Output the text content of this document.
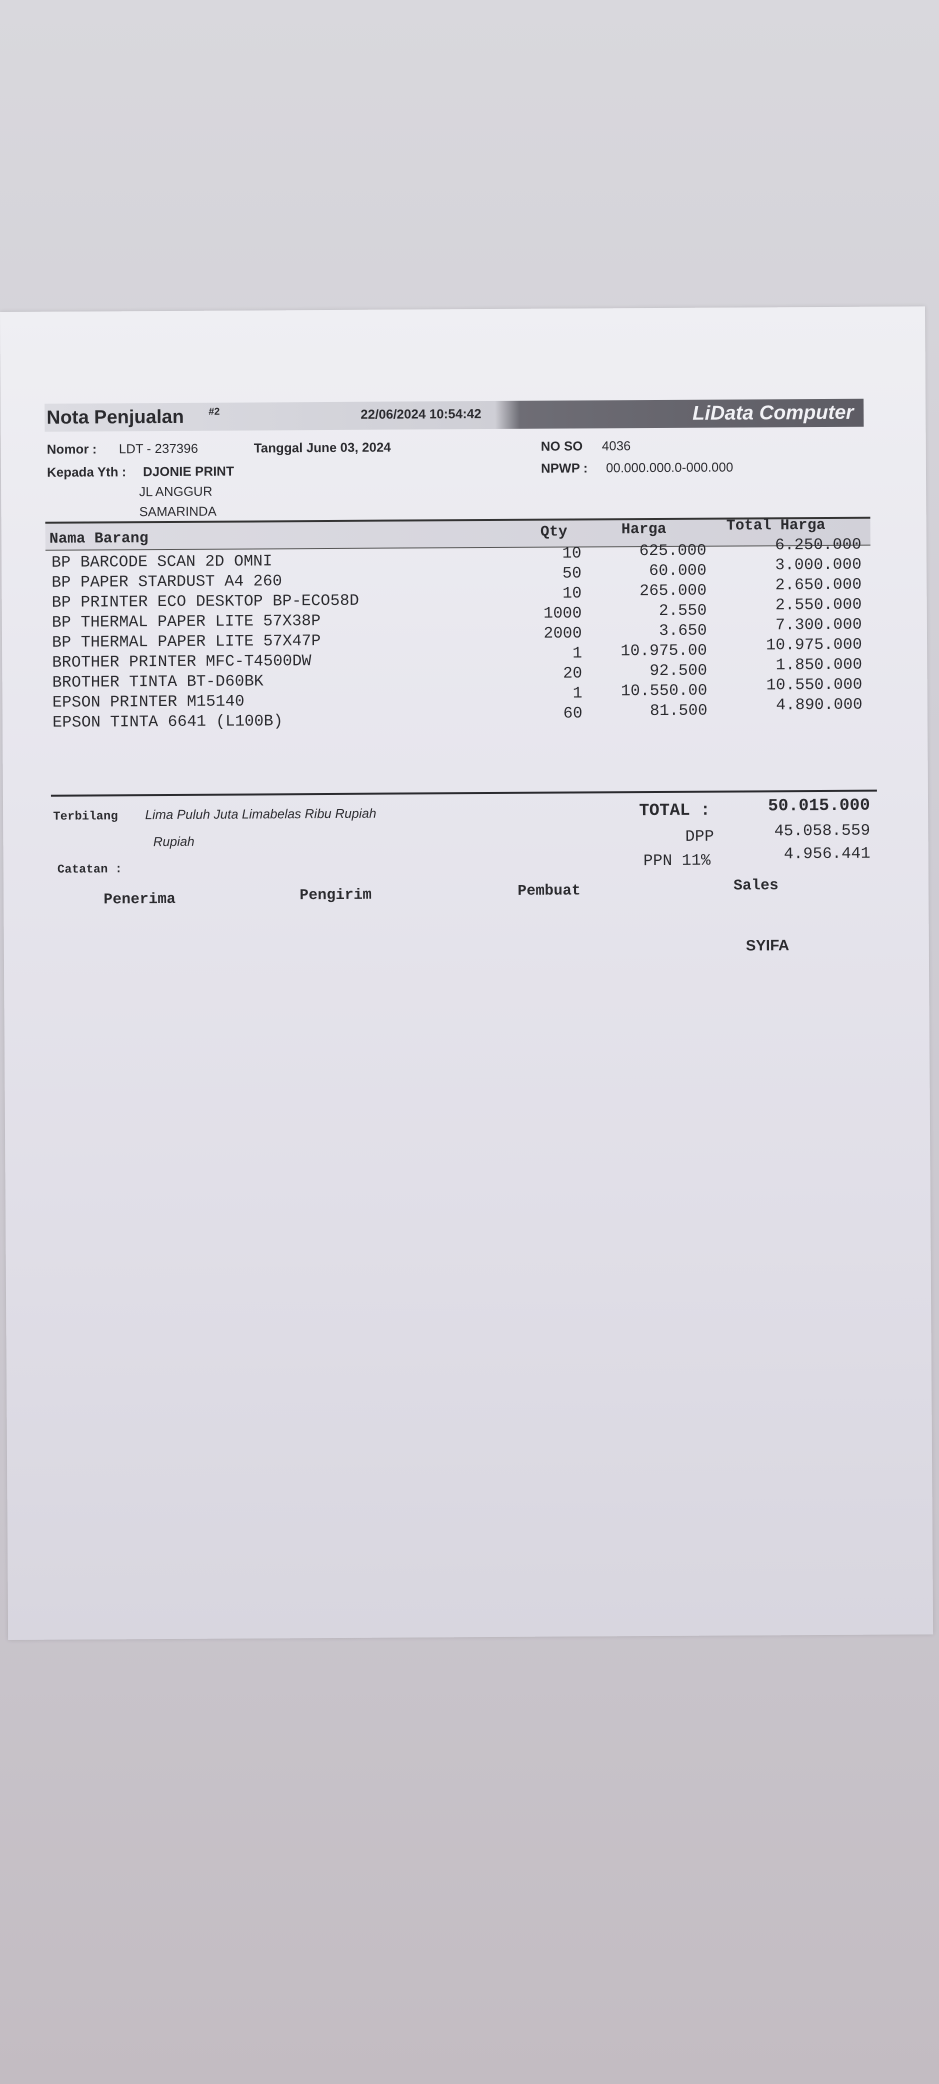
LiData Computer
Nota Penjualan #2	22/06/2024 10:54:42
Nomor : LDT - 237396	Tanggal June 03, 2024	NO SO 4036
Kepada Yth : DJONIE PRINT	NPWP : 00.000.000.0-000.000
JL ANGGUR
SAMARINDA
Nama Barang	Qty	Harga	Total Harga
BP BARCODE SCAN 2D OMNI	10	625.000	6.250.000
BP PAPER STARDUST A4 260	50	60.000	3.000.000
BP PRINTER ECO DESKTOP BP-ECO58D	10	265.000	2.650.000
BP THERMAL PAPER LITE 57X38P	1000	2.550	2.550.000
BP THERMAL PAPER LITE 57X47P	2000	3.650	7.300.000
BROTHER PRINTER MFC-T4500DW	1	10.975.00	10.975.000
BROTHER TINTA BT-D60BK	20	92.500	1.850.000
EPSON PRINTER M15140	1	10.550.00	10.550.000
EPSON TINTA 6641 (L100B)	60	81.500	4.890.000
Terbilang Lima Puluh Juta Limabelas Ribu Rupiah
Rupiah
TOTAL :	50.015.000
DPP	45.058.559
PPN 11%	4.956.441
Catatan :
Penerima	Pengirim	Pembuat	Sales
SYIFA
